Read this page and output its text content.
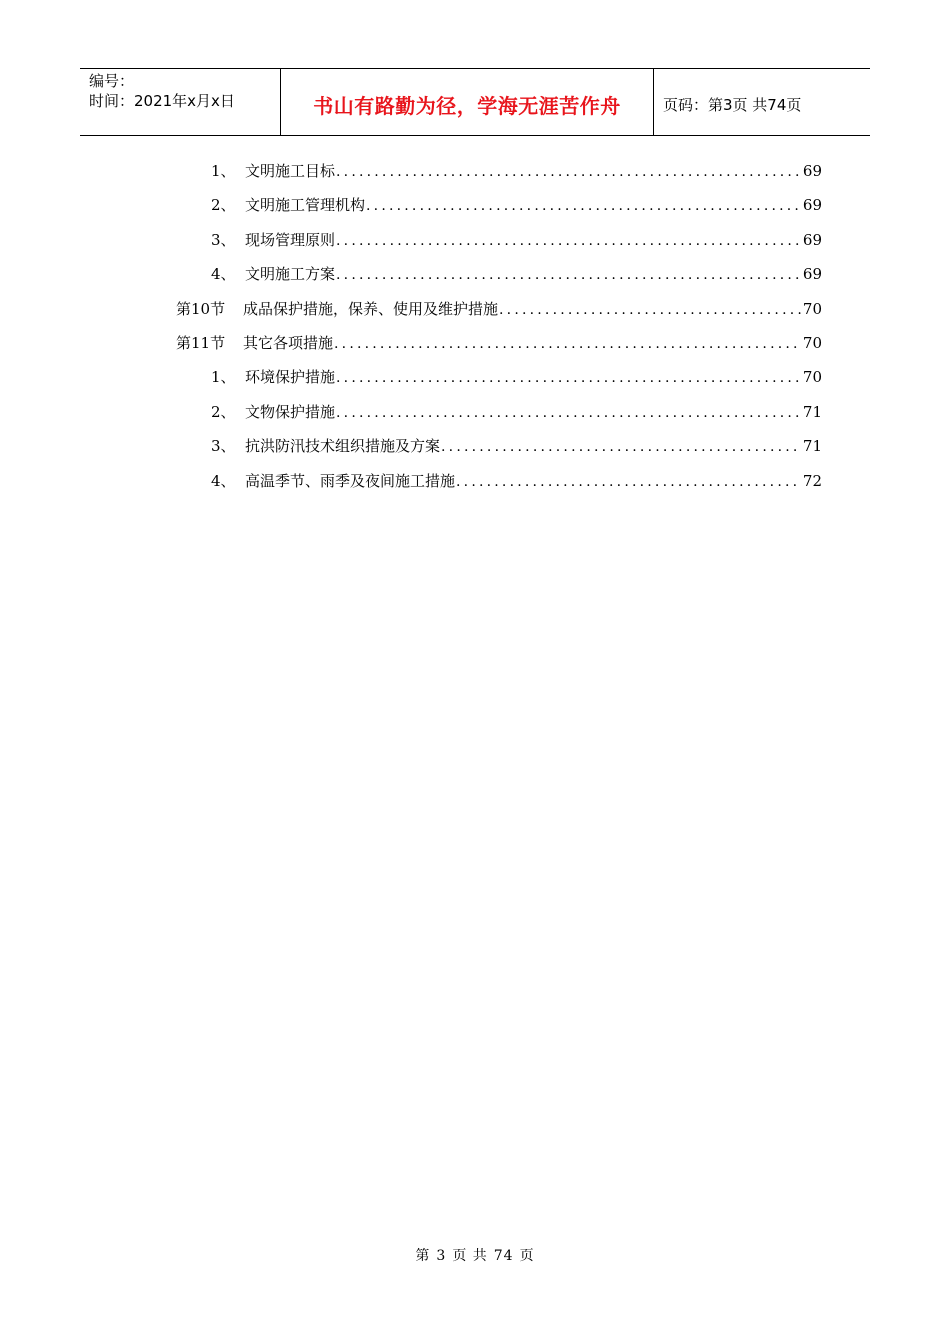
编号：
时间：2021年x月x日	书山有路勤为径，学海无涯苦作舟	页码：第3页 共74页
1、 文明施工目标 .....	69
2、 文明施工管理机构 .....	69
3、 现场管理原则 .....	69
4、 文明施工方案 .....	69
第10节	成品保护措施，保养、使用及维护措施 .....	70
第11节	其它各项措施 .....	70
1、 环境保护措施 .....	70
2、 文物保护措施 .....	71
3、 抗洪防汛技术组织措施及方案 .....	71
4、 高温季节、雨季及夜间施工措施 .....	72
第 3 页 共 74 页
